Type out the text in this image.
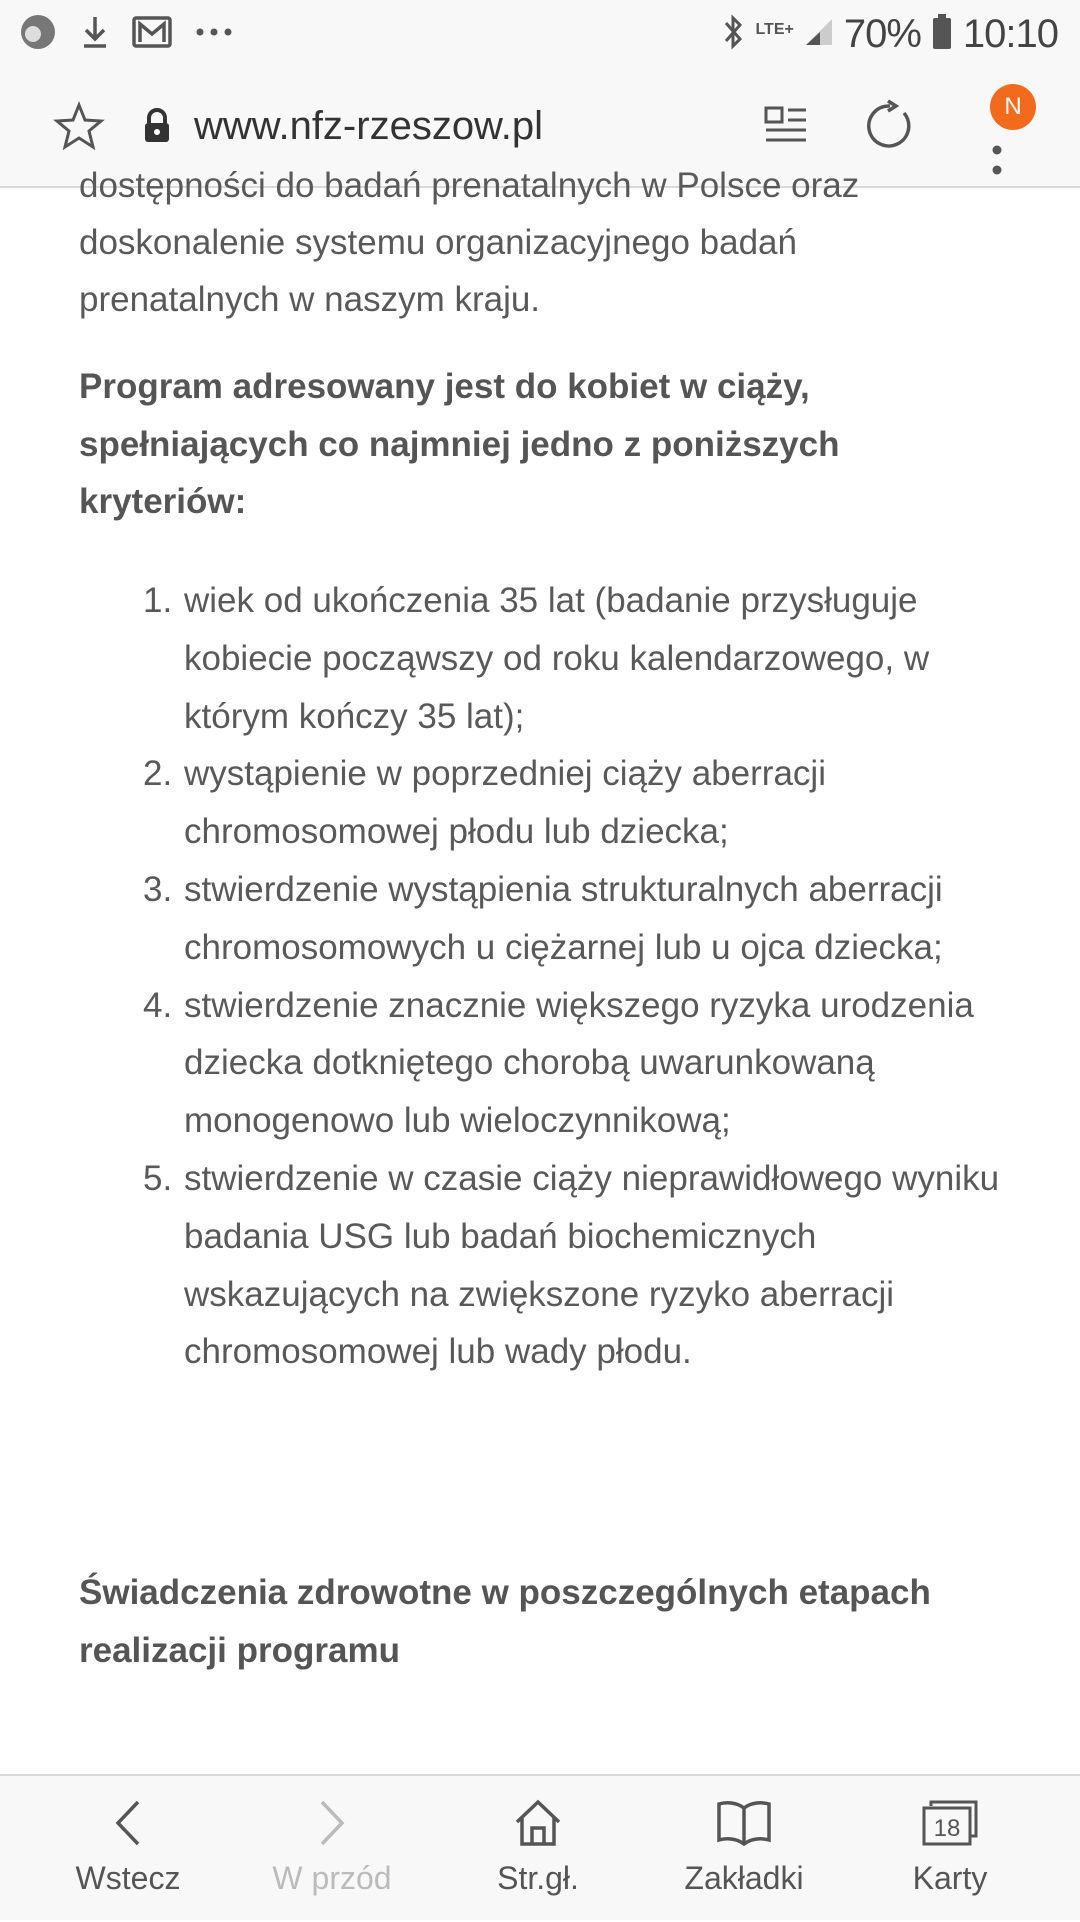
LTE+ 70% 10:10
www.nfz-rzeszow.pl	N
dostępności do badań prenatalnych w Polsce oraz
doskonalenie systemu organizacyjnego badań
prenatalnych w naszym kraju.
Program adresowany jest do kobiet w ciąży, spełniających co najmniej jedno z poniższych kryteriów:
1. wiek od ukończenia 35 lat (badanie przysługuje kobiecie począwszy od roku kalendarzowego, w którym kończy 35 lat);
2. wystąpienie w poprzedniej ciąży aberracji chromosomowej płodu lub dziecka;
3. stwierdzenie wystąpienia strukturalnych aberracji chromosomowych u ciężarnej lub u ojca dziecka;
4. stwierdzenie znacznie większego ryzyka urodzenia dziecka dotkniętego chorobą uwarunkowaną monogenowo lub wieloczynnikową;
5. stwierdzenie w czasie ciąży nieprawidłowego wyniku badania USG lub badań biochemicznych wskazujących na zwiększone ryzyko aberracji chromosomowej lub wady płodu.
Świadczenia zdrowotne w poszczególnych etapach realizacji programu
Wstecz	W przód	Str.gł.	Zakładki
18
Karty
